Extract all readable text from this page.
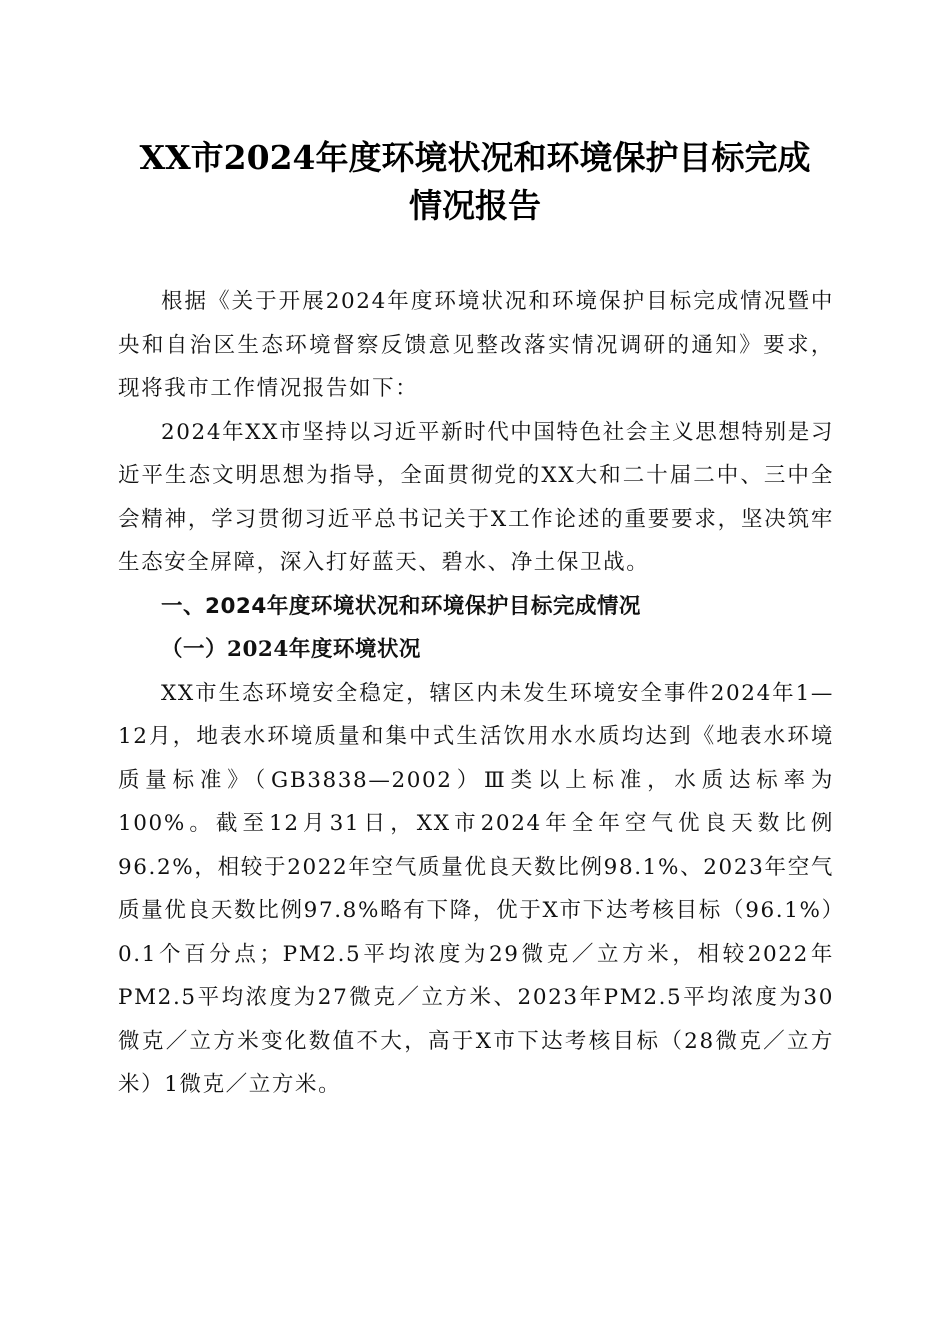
XX市2024年度环境状况和环境保护目标完成
情况报告

根据《关于开展2024年度环境状况和环境保护目标完成情况暨中央和自治区生态环境督察反馈意见整改落实情况调研的通知》要求，现将我市工作情况报告如下：

2024年XX市坚持以习近平新时代中国特色社会主义思想特别是习近平生态文明思想为指导，全面贯彻党的XX大和二十届二中、三中全会精神，学习贯彻习近平总书记关于X工作论述的重要要求，坚决筑牢生态安全屏障，深入打好蓝天、碧水、净土保卫战。

一、2024年度环境状况和环境保护目标完成情况

（一）2024年度环境状况

XX市生态环境安全稳定，辖区内未发生环境安全事件2024年1—12月，地表水环境质量和集中式生活饮用水水质均达到《地表水环境质量标准》（GB3838—2002）Ⅲ类以上标准，水质达标率为100%。截至12月31日，XX市2024年全年空气优良天数比例96.2%，相较于2022年空气质量优良天数比例98.1%、2023年空气质量优良天数比例97.8%略有下降，优于X市下达考核目标（96.1%）0.1个百分点；PM2.5平均浓度为29微克／立方米，相较2022年PM2.5平均浓度为27微克／立方米、2023年PM2.5平均浓度为30微克／立方米变化数值不大，高于X市下达考核目标（28微克／立方米）1微克／立方米。
